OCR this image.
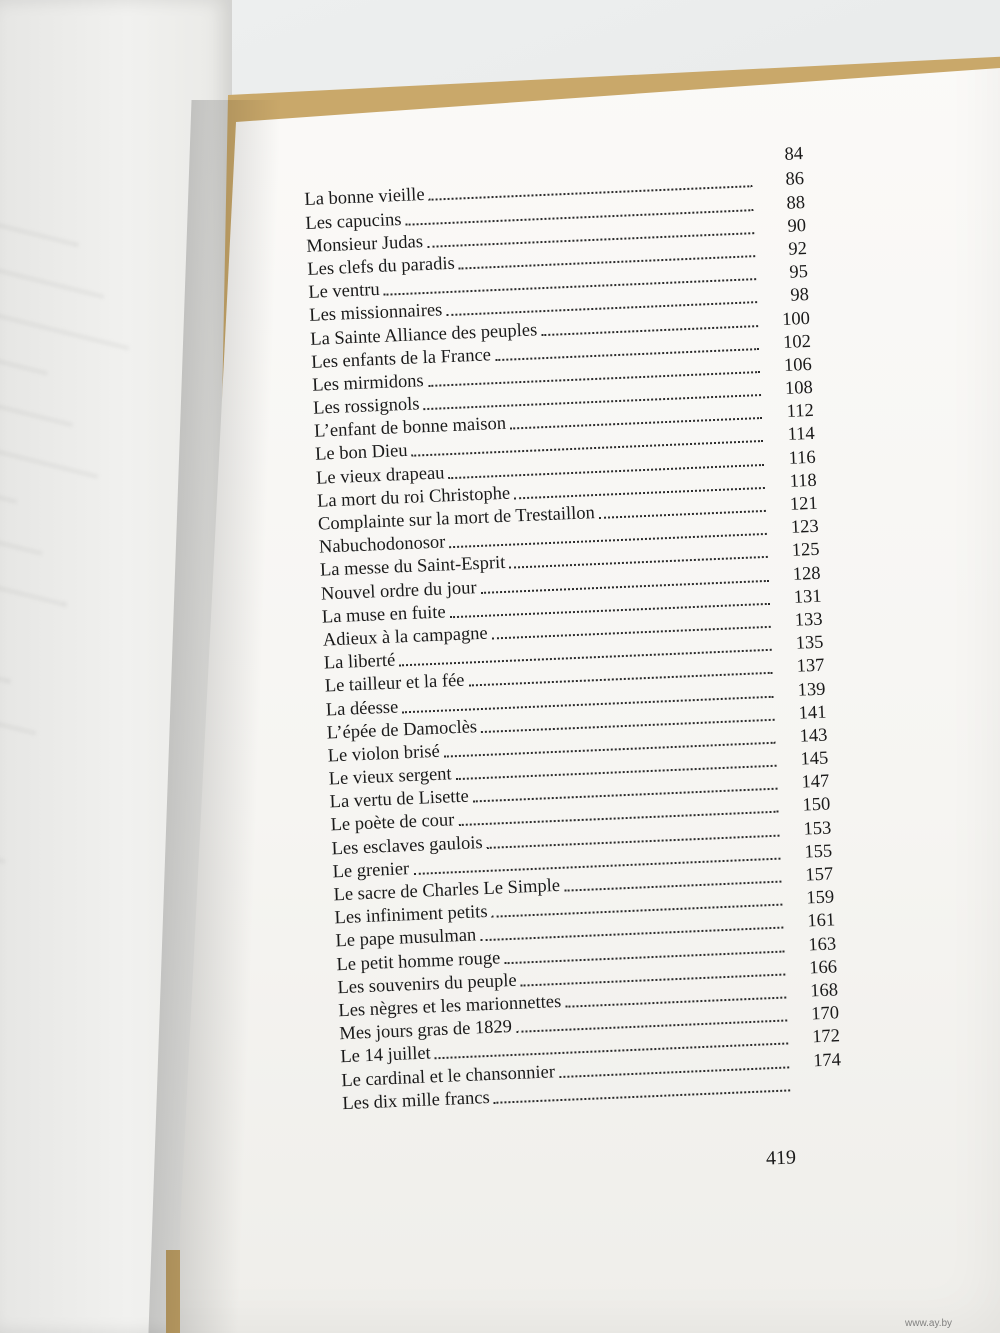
84
La bonne vieille
86
Les capucins
88
Monsieur Judas
90
Les clefs du paradis
92
Le ventru
95
Les missionnaires
98
La Sainte Alliance des peuples
100
Les enfants de la France
102
Les mirmidons
106
Les rossignols
108
L’enfant de bonne maison
112
Le bon Dieu
114
Le vieux drapeau
116
La mort du roi Christophe
118
Complainte sur la mort de Trestaillon	121
Nabuchodonosor
123
La messe du Saint-Esprit
125
Nouvel ordre du jour
128
La muse en fuite
131
Adieux à la campagne
133
La liberté
135
Le tailleur et la fée
137
La déesse
139
L’épée de Damoclès
141
Le violon brisé
143
Le vieux sergent
145
La vertu de Lisette
147
Le poète de cour
150
Les esclaves gaulois
153
Le grenier
155
Le sacre de Charles Le Simple
157
Les infiniment petits
159
Le pape musulman
161
Le petit homme rouge
163
Les souvenirs du peuple
166
Les nègres et les marionnettes
168
Mes jours gras de 1829
170
Le 14 juillet
172
Le cardinal et le chansonnier
174
Les dix mille francs
419
www.ay.by
